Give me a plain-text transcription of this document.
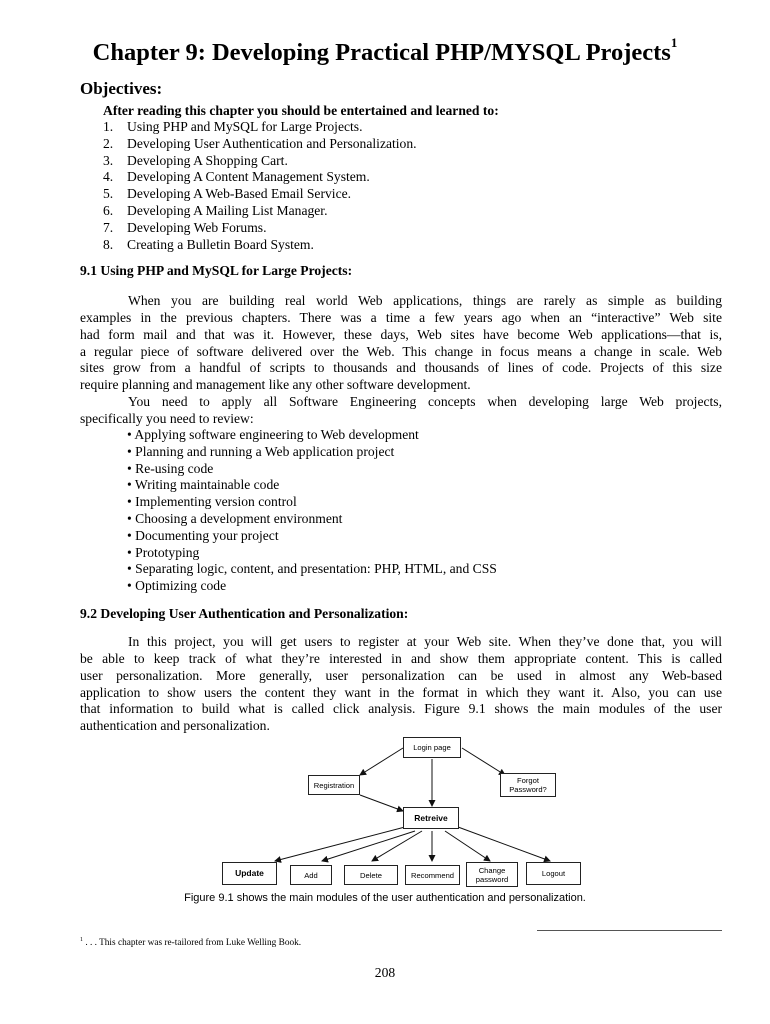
Chapter 9: Developing Practical PHP/MYSQL Projects$^1$
Objectives:
After reading this chapter you should be entertained and learned to:
1. Using PHP and MySQL for Large Projects.
2. Developing User Authentication and Personalization.
3. Developing A Shopping Cart.
4. Developing A Content Management System.
5. Developing A Web-Based Email Service.
6. Developing A Mailing List Manager.
7. Developing Web Forums.
8. Creating a Bulletin Board System.
9.1 Using PHP and MySQL for Large Projects:
When you are building real world Web applications, things are rarely as simple as building
examples in the previous chapters. There was a time a few years ago when an “interactive” Web site
had form mail and that was it. However, these days, Web sites have become Web applications—that is,
a regular piece of software delivered over the Web. This change in focus means a change in scale. Web
sites grow from a handful of scripts to thousands and thousands of lines of code. Projects of this size
require planning and management like any other software development.
You need to apply all Software Engineering concepts when developing large Web projects,
specifically you need to review:
• Applying software engineering to Web development
• Planning and running a Web application project
• Re-using code
• Writing maintainable code
• Implementing version control
• Choosing a development environment
• Documenting your project
• Prototyping
• Separating logic, content, and presentation: PHP, HTML, and CSS
• Optimizing code
9.2 Developing User Authentication and Personalization:
In this project, you will get users to register at your Web site. When they’ve done that, you will
be able to keep track of what they’re interested in and show them appropriate content. This is called
user personalization. More generally, user personalization can be used in almost any Web-based
application to show users the content they want in the format in which they want it. Also, you can use
that information to build what is called click analysis. Figure 9.1 shows the main modules of the user
authentication and personalization.
Login page
Registration	Forgot Password?
Retreive
Update	Add	Delete	Recommend
Change password
Logout
Figure 9.1 shows the main modules of the user authentication and personalization.
$^1$ . . . This chapter was re-tailored from Luke Welling Book.
208
